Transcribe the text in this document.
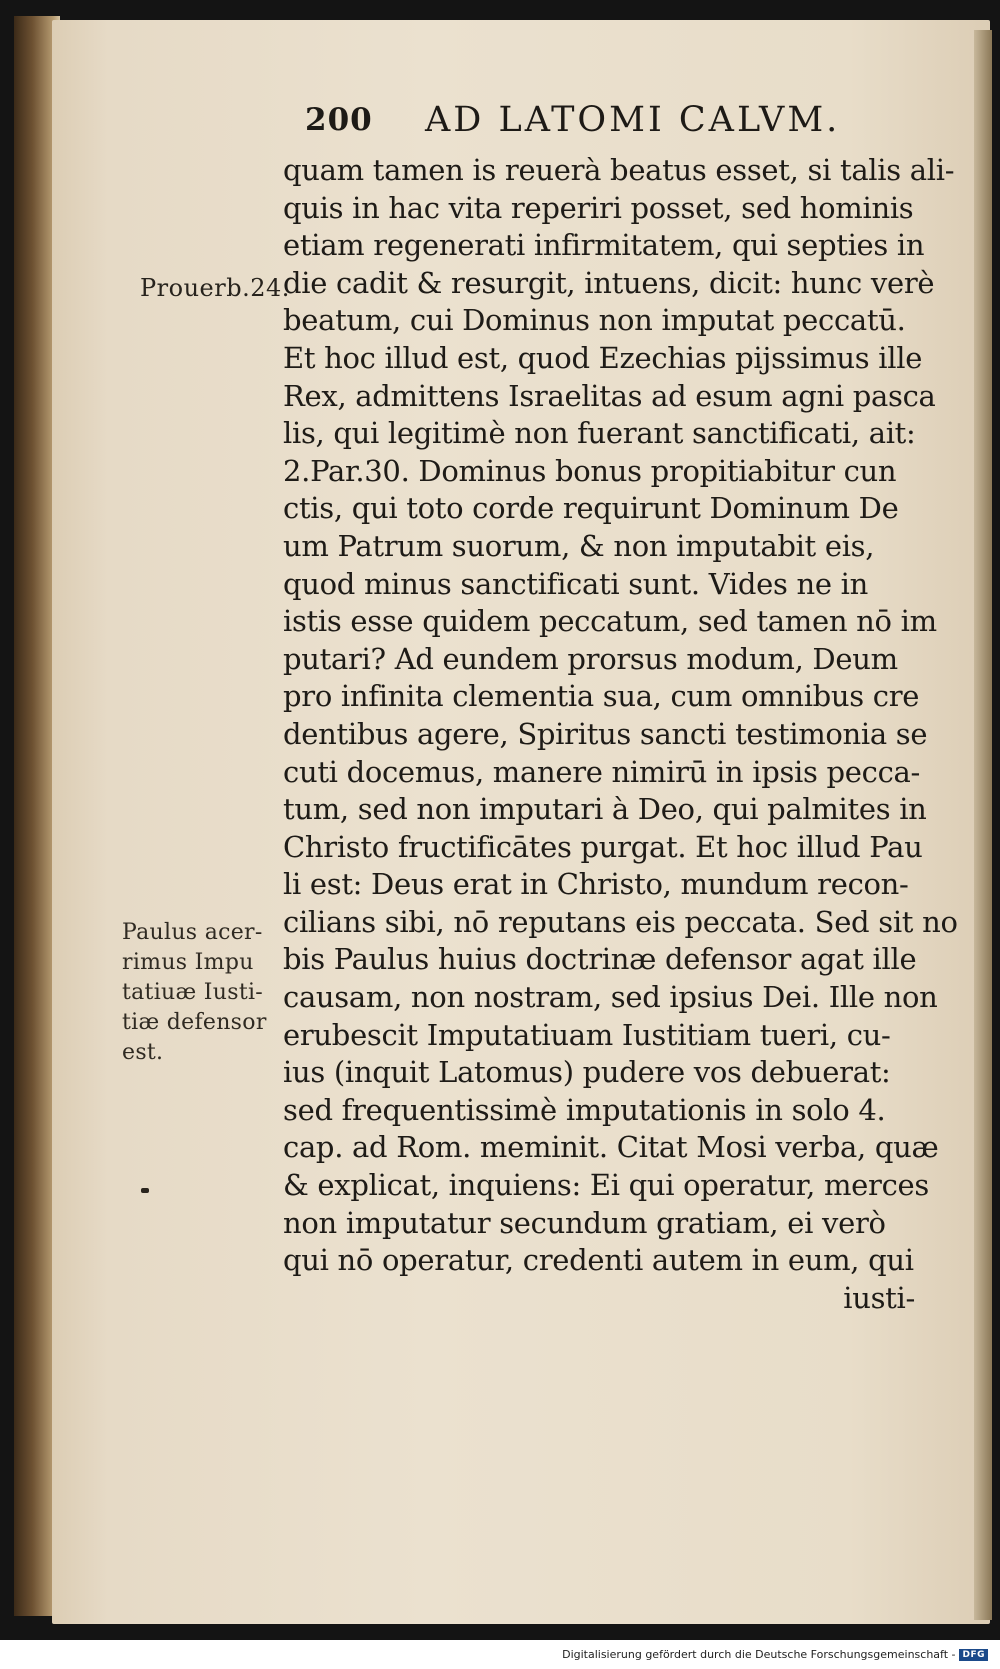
200 AD LATOMI CALVM.
Prouerb.24.
Paulus acer-
rimus Impu
tatiuæ Iusti-
tiæ defensor
est.
quam tamen is reuerà beatus esset, si talis ali-
quis in hac vita reperiri posset, sed hominis
etiam regenerati infirmitatem, qui septies in
die cadit & resurgit, intuens, dicit: hunc verè
beatum, cui Dominus non imputat peccatū.
Et hoc illud est, quod Ezechias pijssimus ille
Rex, admittens Israelitas ad esum agni pasca
lis, qui legitimè non fuerant sanctificati, ait:
2.Par.30. Dominus bonus propitiabitur cun
ctis, qui toto corde requirunt Dominum De
um Patrum suorum, & non imputabit eis,
quod minus sanctificati sunt. Vides ne in
istis esse quidem peccatum, sed tamen nō im
putari? Ad eundem prorsus modum, Deum
pro infinita clementia sua, cum omnibus cre
dentibus agere, Spiritus sancti testimonia se
cuti docemus, manere nimirū in ipsis pecca-
tum, sed non imputari à Deo, qui palmites in
Christo fructificātes purgat. Et hoc illud Pau
li est: Deus erat in Christo, mundum recon-
cilians sibi, nō reputans eis peccata. Sed sit no
bis Paulus huius doctrinæ defensor agat ille
causam, non nostram, sed ipsius Dei. Ille non
erubescit Imputatiuam Iustitiam tueri, cu-
ius (inquit Latomus) pudere vos debuerat:
sed frequentissimè imputationis in solo 4.
cap. ad Rom. meminit. Citat Mosi verba, quæ
& explicat, inquiens: Ei qui operatur, merces
non imputatur secundum gratiam, ei verò
qui nō operatur, credenti autem in eum, qui
iusti-
Digitalisierung gefördert durch die Deutsche Forschungsgemeinschaft - DFG
